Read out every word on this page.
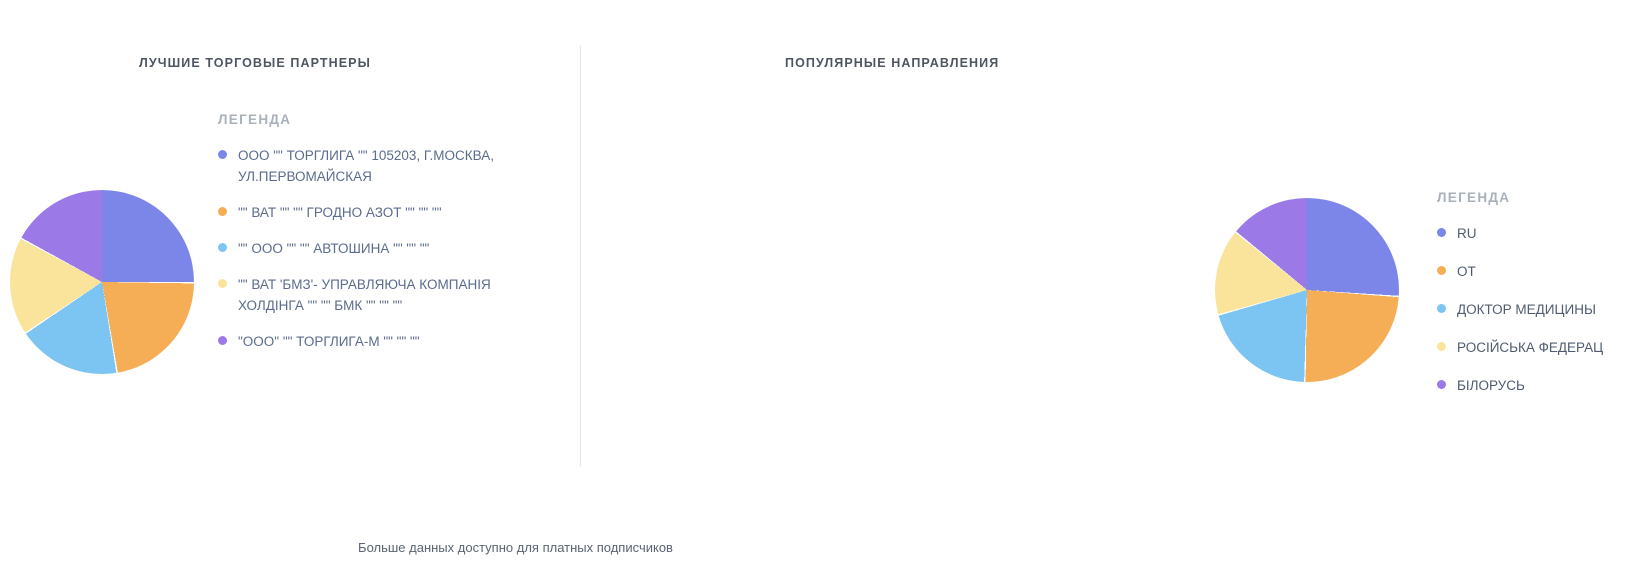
ЛУЧШИЕ ТОРГОВЫЕ ПАРТНЕРЫ
ЛЕГЕНДА
ООО "" ТОРГЛИГА "" 105203, Г.МОСКВА, УЛ.ПЕРВОМАЙСКАЯ
"" ВАТ "" "" ГРОДНО АЗОТ "" "" ""
"" ООО "" "" АВТОШИНА "" "" ""
"" ВАТ 'БМЗ'- УПРАВЛЯЮЧА КОМПАНІЯ ХОЛДІНГА "" "" БМК "" "" ""
"ООО" "" ТОРГЛИГА-М "" "" ""
ПОПУЛЯРНЫЕ НАПРАВЛЕНИЯ
ЛЕГЕНДА
RU
OT
ДОКТОР МЕДИЦИНЫ
РОСІЙСЬКА ФЕДЕРАЦ
БІЛОРУСЬ
Больше данных доступно для платных подписчиков
